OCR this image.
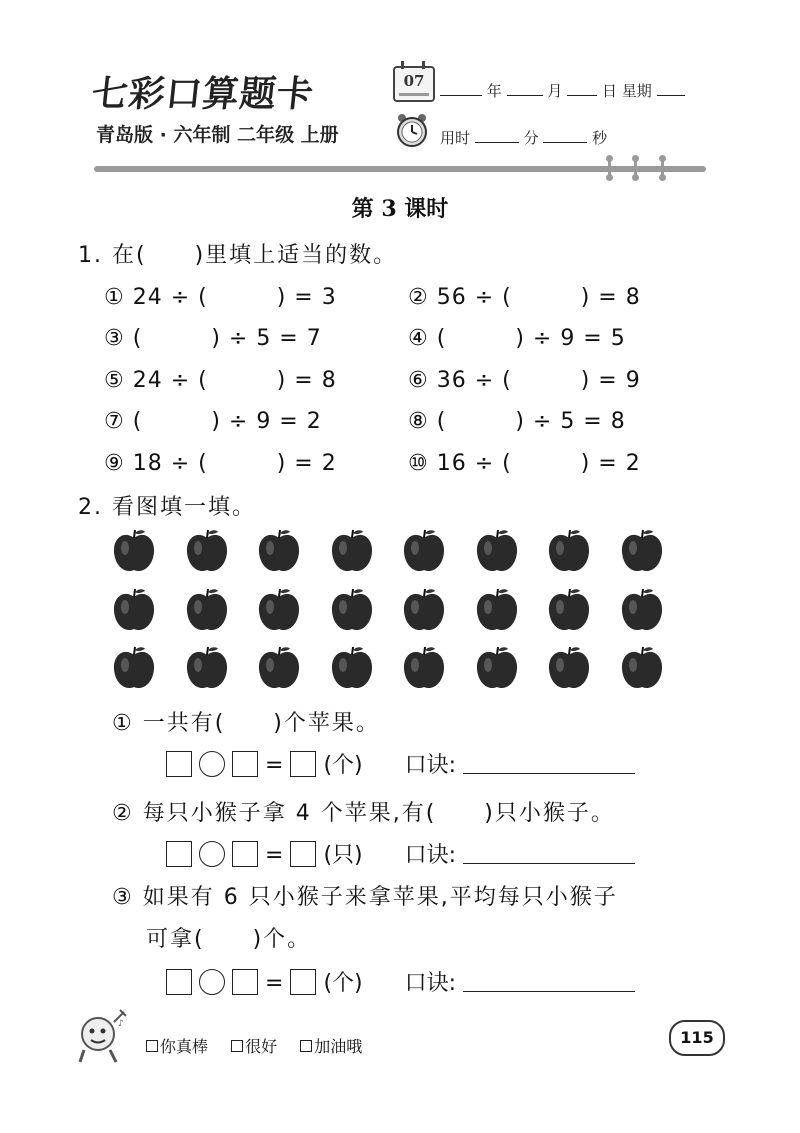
七彩口算题卡
青岛版 · 六年制 二年级 上册
07
年	月	日 星期
用时	分	秒
第 3 课时
1. 在(　　)里填上适当的数。
① 24 ÷ (　　　) = 3	② 56 ÷ (　　　) = 8
③ (　　　) ÷ 5 = 7	④ (　　　) ÷ 9 = 5
⑤ 24 ÷ (　　　) = 8	⑥ 36 ÷ (　　　) = 9
⑦ (　　　) ÷ 9 = 2	⑧ (　　　) ÷ 5 = 8
⑨ 18 ÷ (　　　) = 2	⑩ 16 ÷ (　　　) = 2
2. 看图填一填。
① 一共有(　　)个苹果。
= (个) 口诀:
② 每只小猴子拿 4 个苹果,有(　　)只小猴子。
= (只) 口诀:
③ 如果有 6 只小猴子来拿苹果,平均每只小猴子
可拿(　　)个。
= (个) 口诀:
♪
你真棒 很好 加油哦	115
